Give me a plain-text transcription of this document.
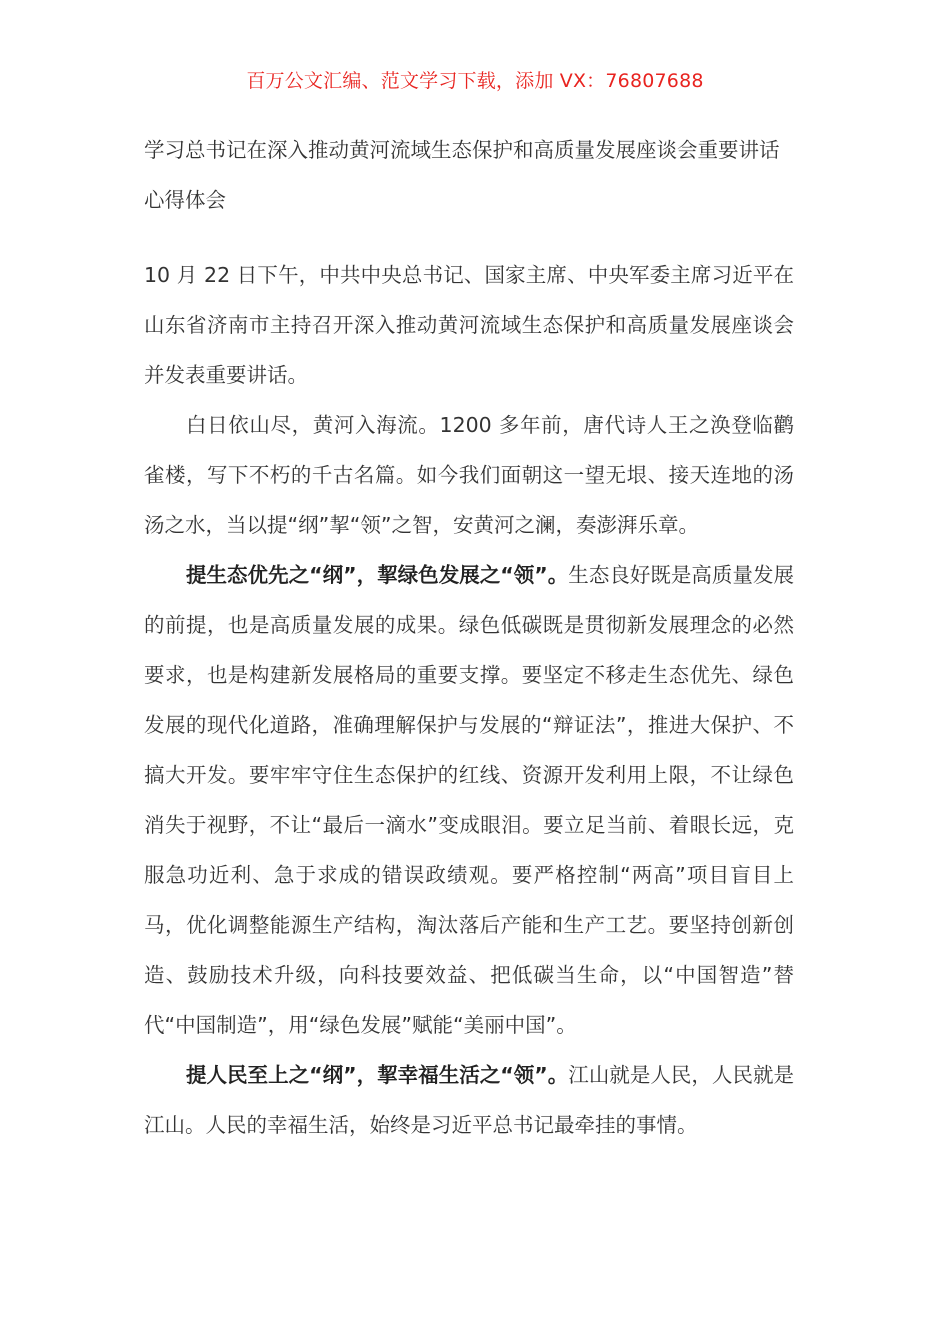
百万公文汇编、范文学习下载，添加 VX：76807688

学习总书记在深入推动黄河流域生态保护和高质量发展座谈会重要讲话心得体会

10 月 22 日下午，中共中央总书记、国家主席、中央军委主席习近平在山东省济南市主持召开深入推动黄河流域生态保护和高质量发展座谈会并发表重要讲话。

白日依山尽，黄河入海流。1200 多年前，唐代诗人王之涣登临鹳雀楼，写下不朽的千古名篇。如今我们面朝这一望无垠、接天连地的汤汤之水，当以提“纲”挈“领”之智，安黄河之澜，奏澎湃乐章。

提生态优先之“纲”，挈绿色发展之“领”。生态良好既是高质量发展的前提，也是高质量发展的成果。绿色低碳既是贯彻新发展理念的必然要求，也是构建新发展格局的重要支撑。要坚定不移走生态优先、绿色发展的现代化道路，准确理解保护与发展的“辩证法”，推进大保护、不搞大开发。要牢牢守住生态保护的红线、资源开发利用上限，不让绿色消失于视野，不让“最后一滴水”变成眼泪。要立足当前、着眼长远，克服急功近利、急于求成的错误政绩观。要严格控制“两高”项目盲目上马，优化调整能源生产结构，淘汰落后产能和生产工艺。要坚持创新创造、鼓励技术升级，向科技要效益、把低碳当生命，以“中国智造”替代“中国制造”，用“绿色发展”赋能“美丽中国”。

提人民至上之“纲”，挈幸福生活之“领”。江山就是人民，人民就是江山。人民的幸福生活，始终是习近平总书记最牵挂的事情。
